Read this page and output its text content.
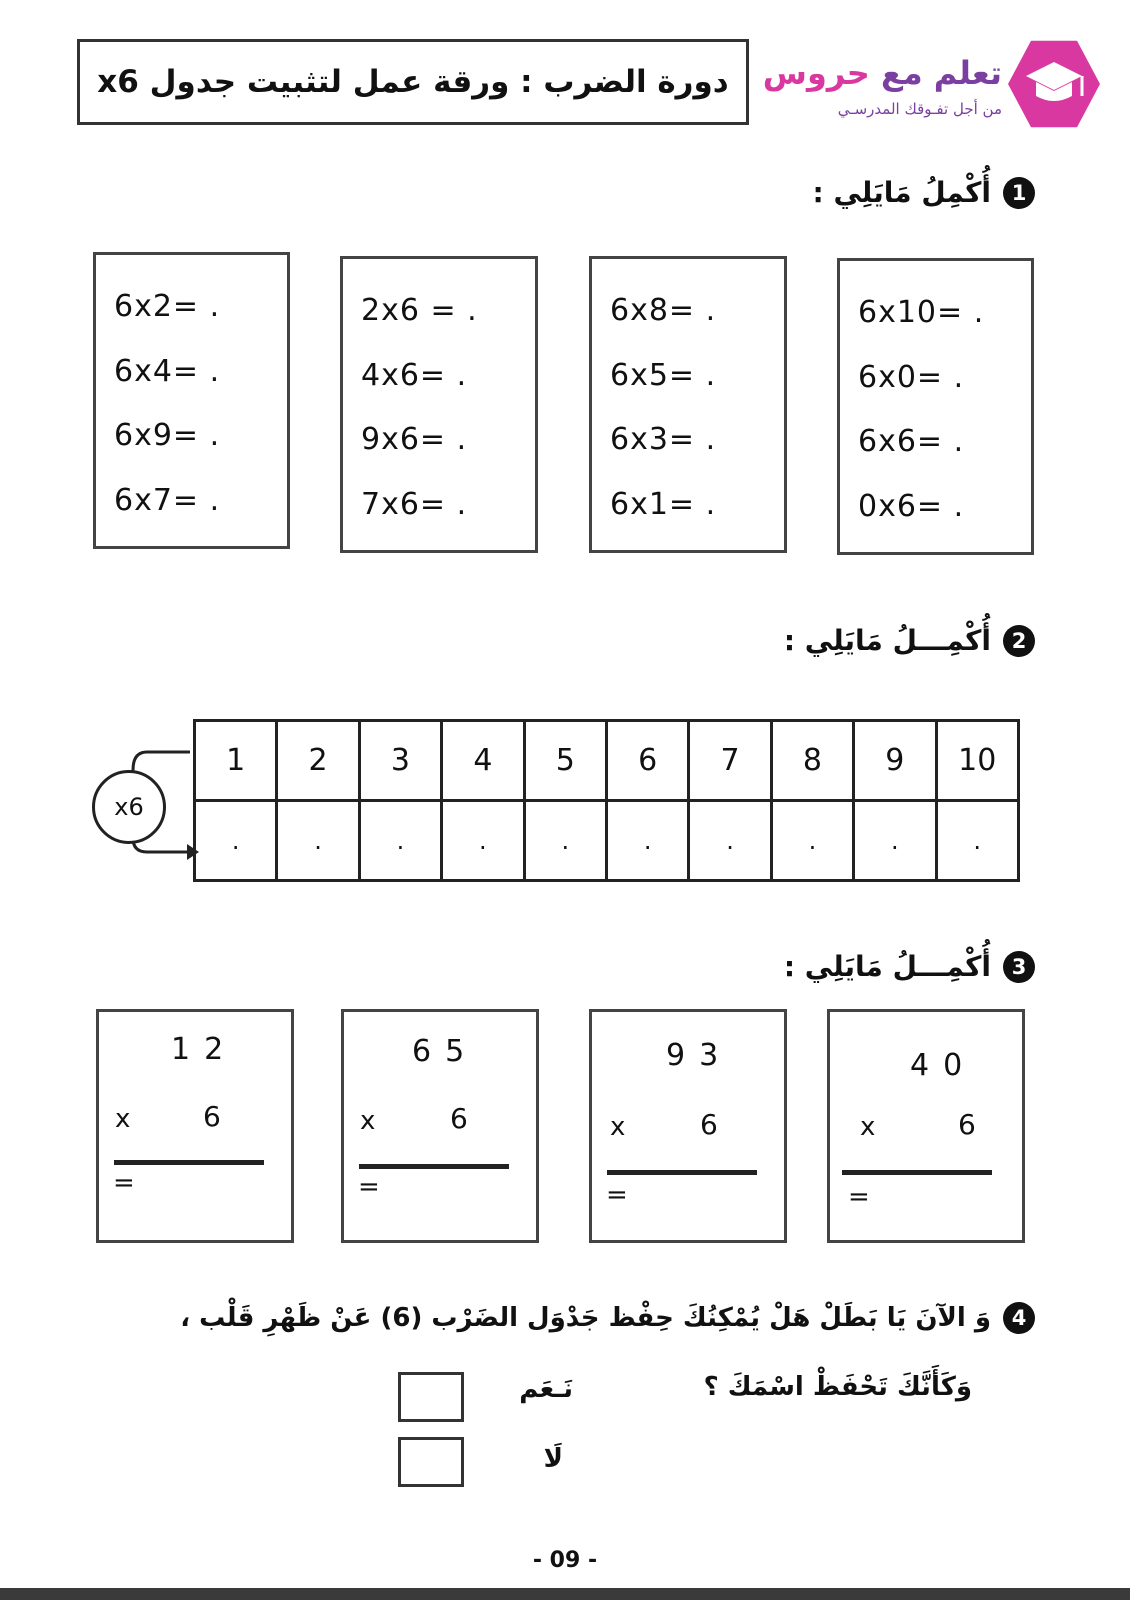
دورة الضرب : ورقة عمل لتثبيت جدول x6	تعلم مع حروس
من أجل تفـوقك المدرسـي
1
أُكْمِلُ مَايَلِي :
6x2= .
6x4= .
6x9= .
6x7= .
2x6 = .
4x6= .
9x6= .
7x6= .
6x8= .
6x5= .
6x3= .
6x1= .
6x10= .
6x0= .
6x6= .
0x6= .
2
أُكْمِـــلُ مَايَلِي :
x6
1	2	3	4	5	6	7	8	9	10
.	.	.	.	.	.	.	.	.	.
3
أُكْمِـــلُ مَايَلِي :
12
x	6
=
65
x	6
=
93
x	6
=
40
x	6
=
4
وَ الآنَ يَا بَطَلْ هَلْ يُمْكِنُكَ حِفْظ جَدْوَل الضَرْب (6) عَنْ ظَهْرِ قَلْب ،
وَكَأَنَّكَ تَحْفَظْ اسْمَكَ ؟
نَـعَم
لَا
- 09 -
